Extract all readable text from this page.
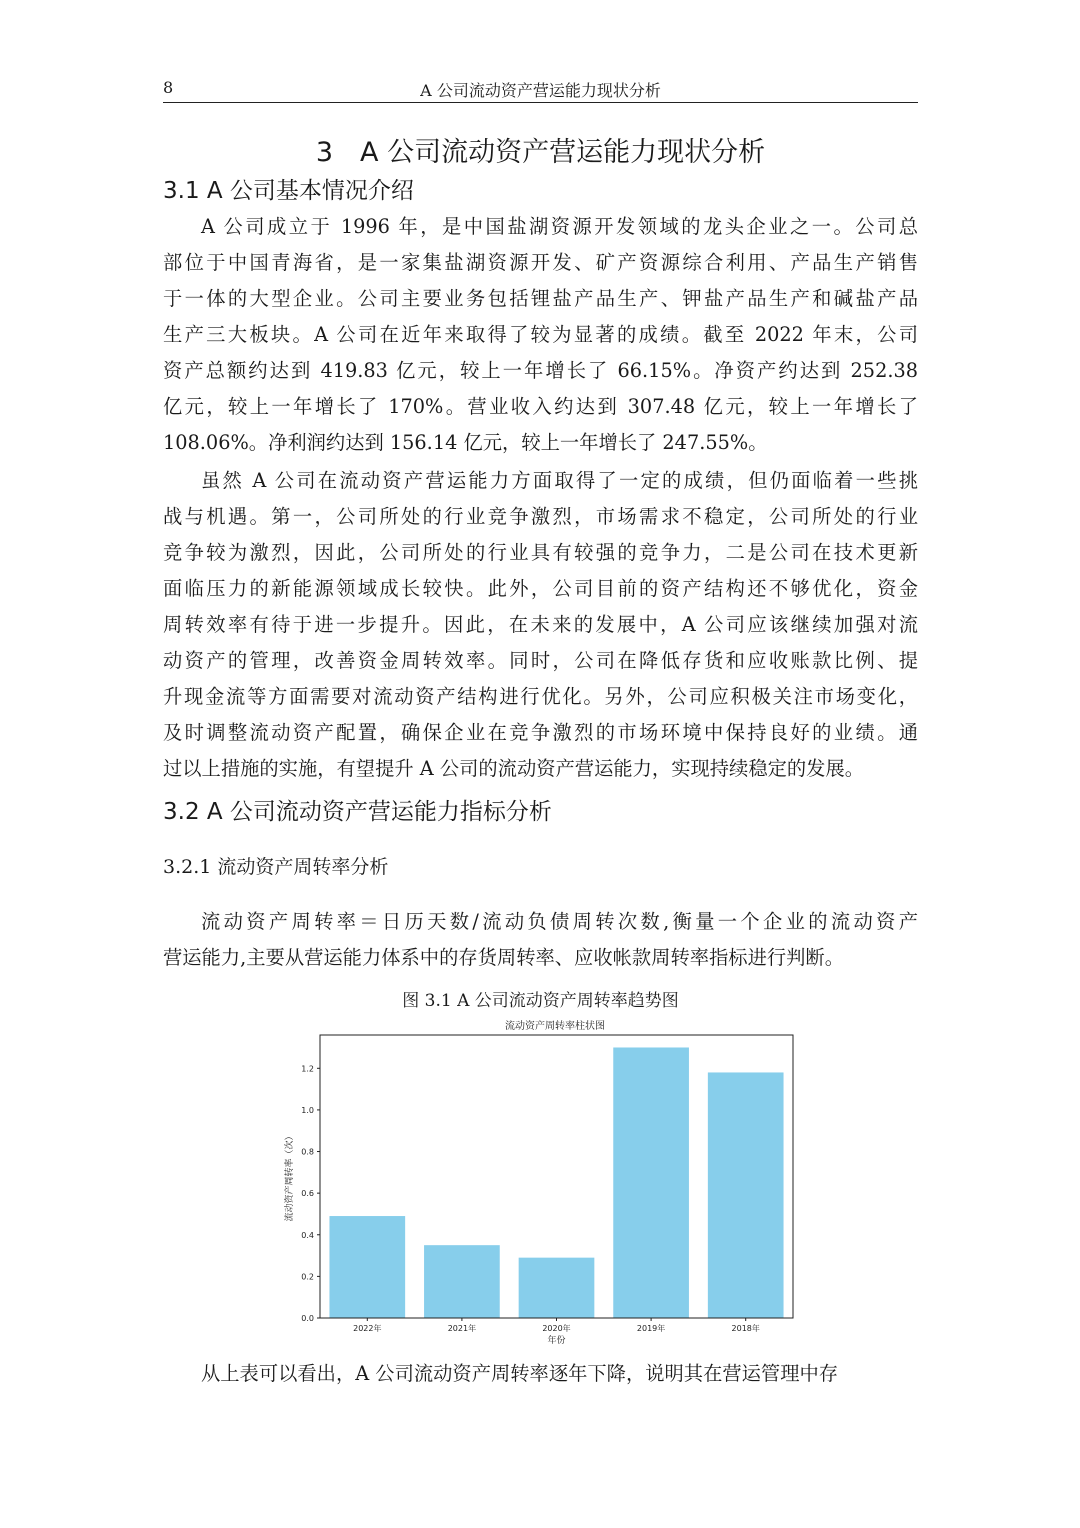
8	A 公司流动资产营运能力现状分析
3　A 公司流动资产营运能力现状分析
3.1 A 公司基本情况介绍

A 公司成立于 1996 年，是中国盐湖资源开发领域的龙头企业之一。公司总
部位于中国青海省，是一家集盐湖资源开发、矿产资源综合利用、产品生产销售
于一体的大型企业。公司主要业务包括锂盐产品生产、钾盐产品生产和碱盐产品
生产三大板块。A 公司在近年来取得了较为显著的成绩。截至 2022 年末，公司
资产总额约达到 419.83 亿元，较上一年增长了 66.15%。净资产约达到 252.38
亿元，较上一年增长了 170%。营业收入约达到 307.48 亿元，较上一年增长了
108.06%。净利润约达到 156.14 亿元，较上一年增长了 247.55%。

虽然 A 公司在流动资产营运能力方面取得了一定的成绩，但仍面临着一些挑
战与机遇。第一，公司所处的行业竞争激烈，市场需求不稳定，公司所处的行业
竞争较为激烈，因此，公司所处的行业具有较强的竞争力，二是公司在技术更新
面临压力的新能源领域成长较快。此外，公司目前的资产结构还不够优化，资金
周转效率有待于进一步提升。因此，在未来的发展中，A 公司应该继续加强对流
动资产的管理，改善资金周转效率。同时，公司在降低存货和应收账款比例、提
升现金流等方面需要对流动资产结构进行优化。另外，公司应积极关注市场变化，
及时调整流动资产配置，确保企业在竞争激烈的市场环境中保持良好的业绩。通
过以上措施的实施，有望提升 A 公司的流动资产营运能力，实现持续稳定的发展。

3.2 A 公司流动资产营运能力指标分析
3.2.1 流动资产周转率分析

流动资产周转率＝日历天数/流动负债周转次数,衡量一个企业的流动资产
营运能力,主要从营运能力体系中的存货周转率、应收帐款周转率指标进行判断。

图 3.1 A 公司流动资产周转率趋势图
流动资产周转率柱状图
0.0
0.2
0.4
0.6
0.8
1.0
1.2
2022年	2021年	2020年	2019年	2018年
年份
流动资产周转率（次）

从上表可以看出，A 公司流动资产周转率逐年下降，说明其在营运管理中存
